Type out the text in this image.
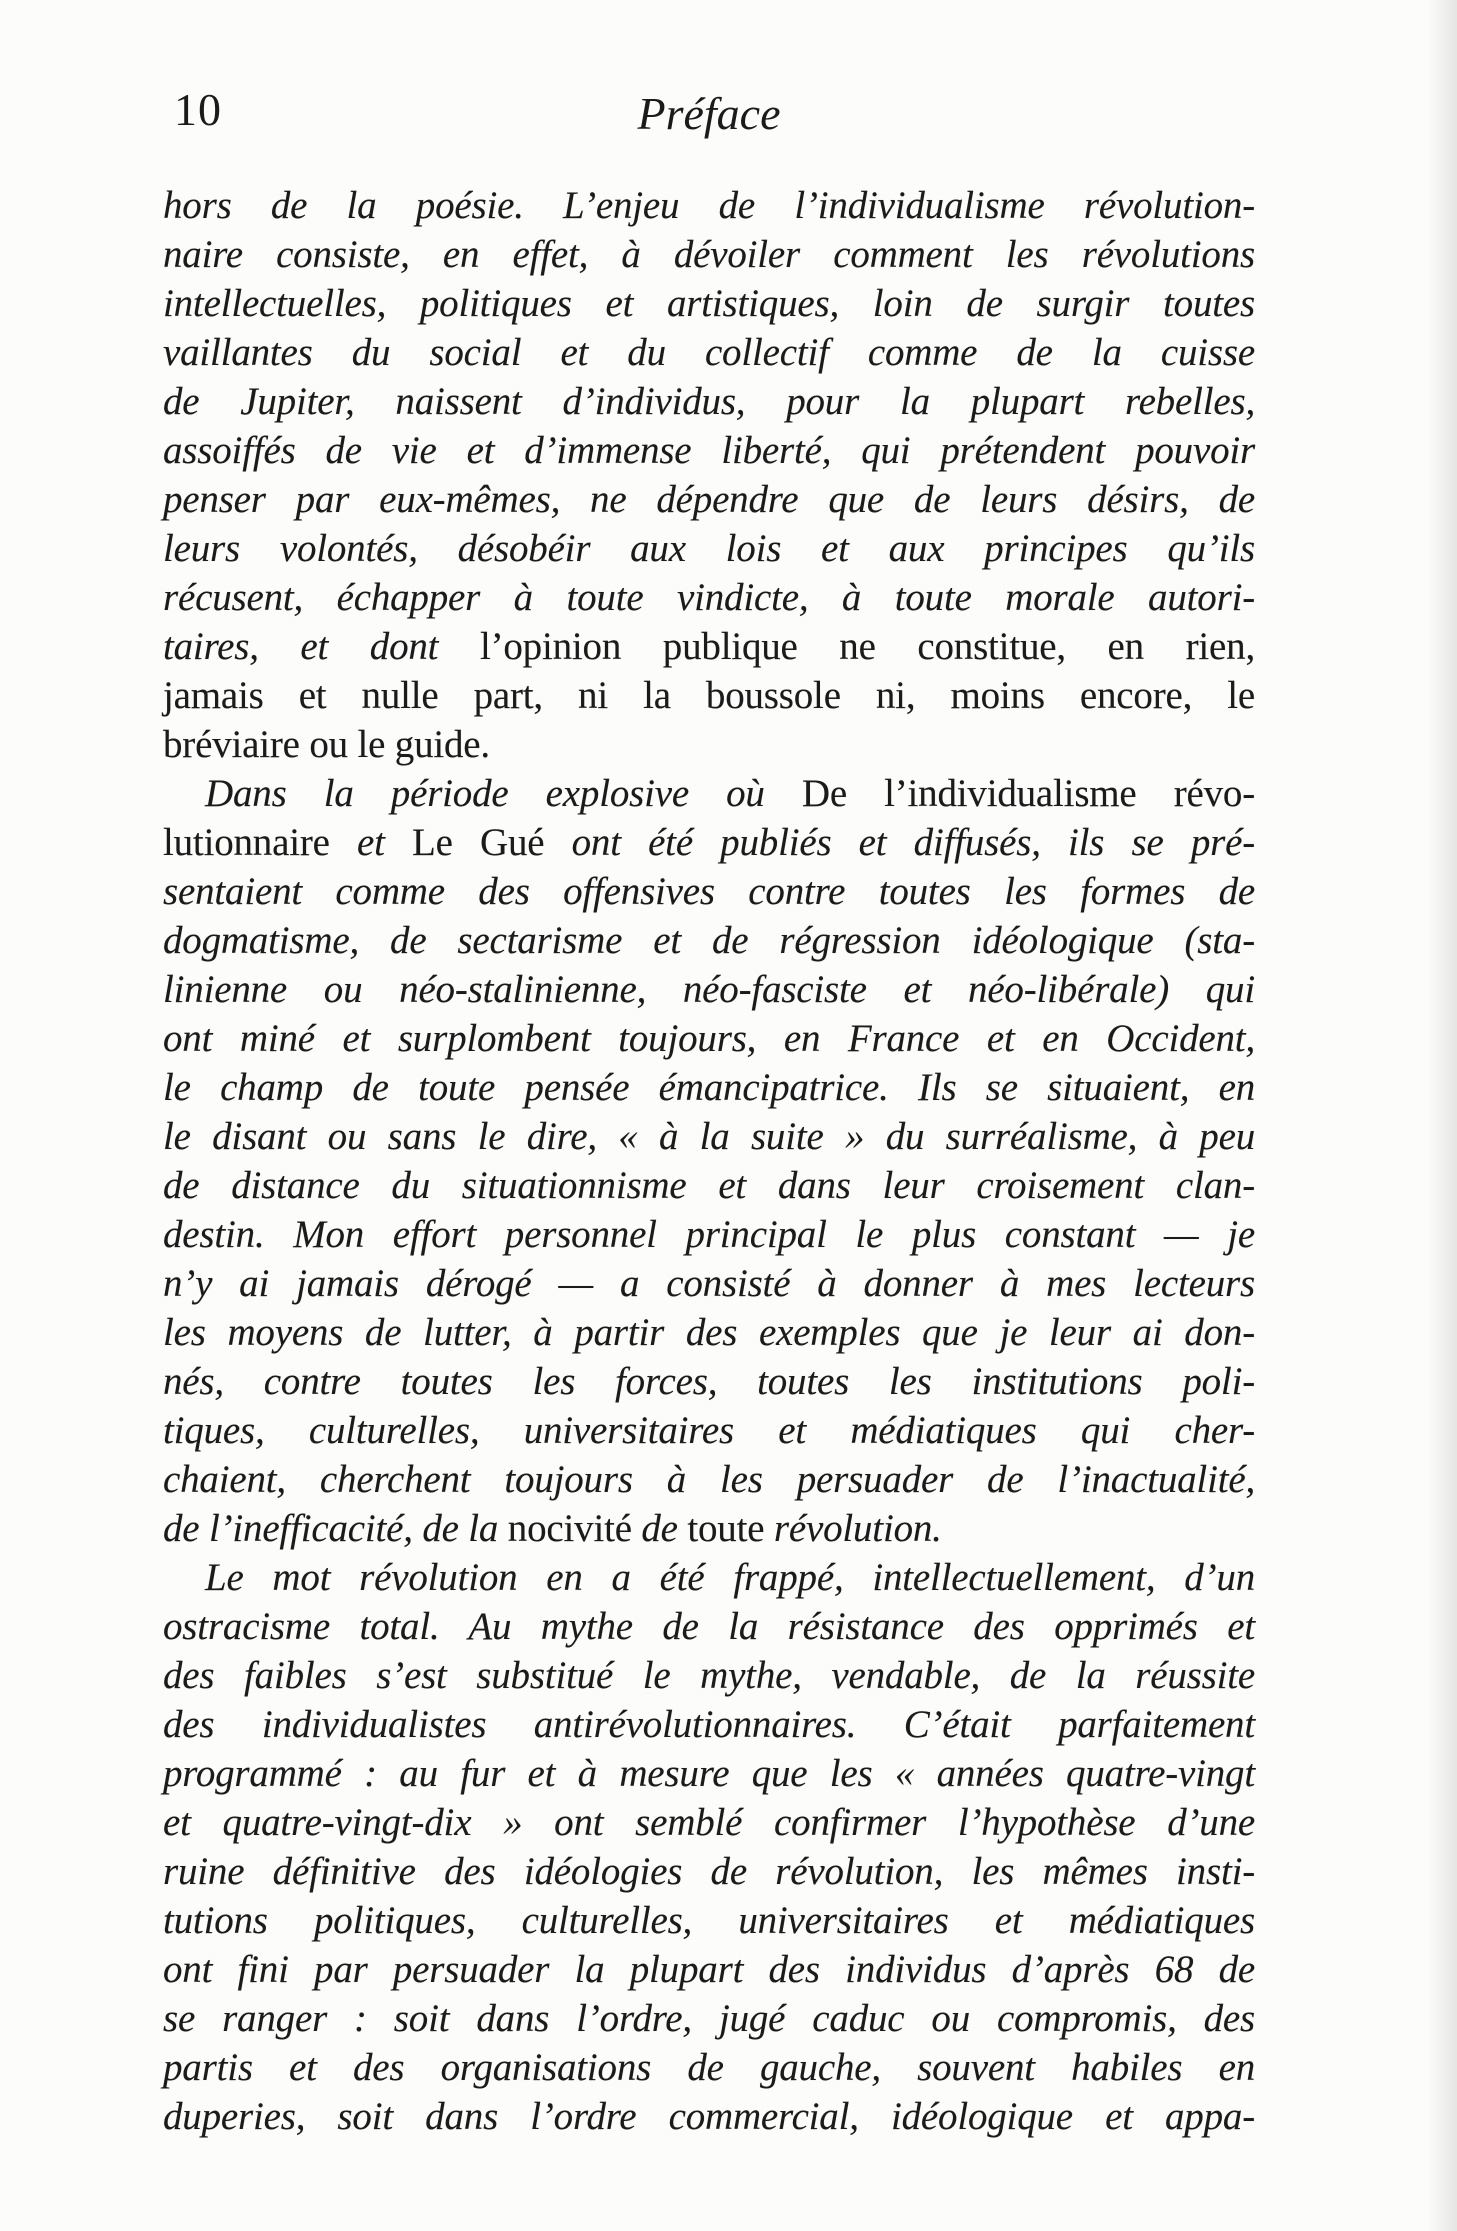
10	Préface
hors de la poésie. L’enjeu de l’individualisme révolution-
naire consiste, en effet, à dévoiler comment les révolutions
intellectuelles, politiques et artistiques, loin de surgir toutes
vaillantes du social et du collectif comme de la cuisse
de Jupiter, naissent d’individus, pour la plupart rebelles,
assoiffés de vie et d’immense liberté, qui prétendent pouvoir
penser par eux-mêmes, ne dépendre que de leurs désirs, de
leurs volontés, désobéir aux lois et aux principes qu’ils
récusent, échapper à toute vindicte, à toute morale autori-
taires, et dont l’opinion publique ne constitue, en rien,
jamais et nulle part, ni la boussole ni, moins encore, le
bréviaire ou le guide.
Dans la période explosive où De l’individualisme révo-
lutionnaire et Le Gué ont été publiés et diffusés, ils se pré-
sentaient comme des offensives contre toutes les formes de
dogmatisme, de sectarisme et de régression idéologique (sta-
linienne ou néo-stalinienne, néo-fasciste et néo-libérale) qui
ont miné et surplombent toujours, en France et en Occident,
le champ de toute pensée émancipatrice. Ils se situaient, en
le disant ou sans le dire, « à la suite » du surréalisme, à peu
de distance du situationnisme et dans leur croisement clan-
destin. Mon effort personnel principal le plus constant — je
n’y ai jamais dérogé — a consisté à donner à mes lecteurs
les moyens de lutter, à partir des exemples que je leur ai don-
nés, contre toutes les forces, toutes les institutions poli-
tiques, culturelles, universitaires et médiatiques qui cher-
chaient, cherchent toujours à les persuader de l’inactualité,
de l’inefficacité, de la nocivité de toute révolution.
Le mot révolution en a été frappé, intellectuellement, d’un
ostracisme total. Au mythe de la résistance des opprimés et
des faibles s’est substitué le mythe, vendable, de la réussite
des individualistes antirévolutionnaires. C’était parfaitement
programmé : au fur et à mesure que les « années quatre-vingt
et quatre-vingt-dix » ont semblé confirmer l’hypothèse d’une
ruine définitive des idéologies de révolution, les mêmes insti-
tutions politiques, culturelles, universitaires et médiatiques
ont fini par persuader la plupart des individus d’après 68 de
se ranger : soit dans l’ordre, jugé caduc ou compromis, des
partis et des organisations de gauche, souvent habiles en
duperies, soit dans l’ordre commercial, idéologique et appa-
